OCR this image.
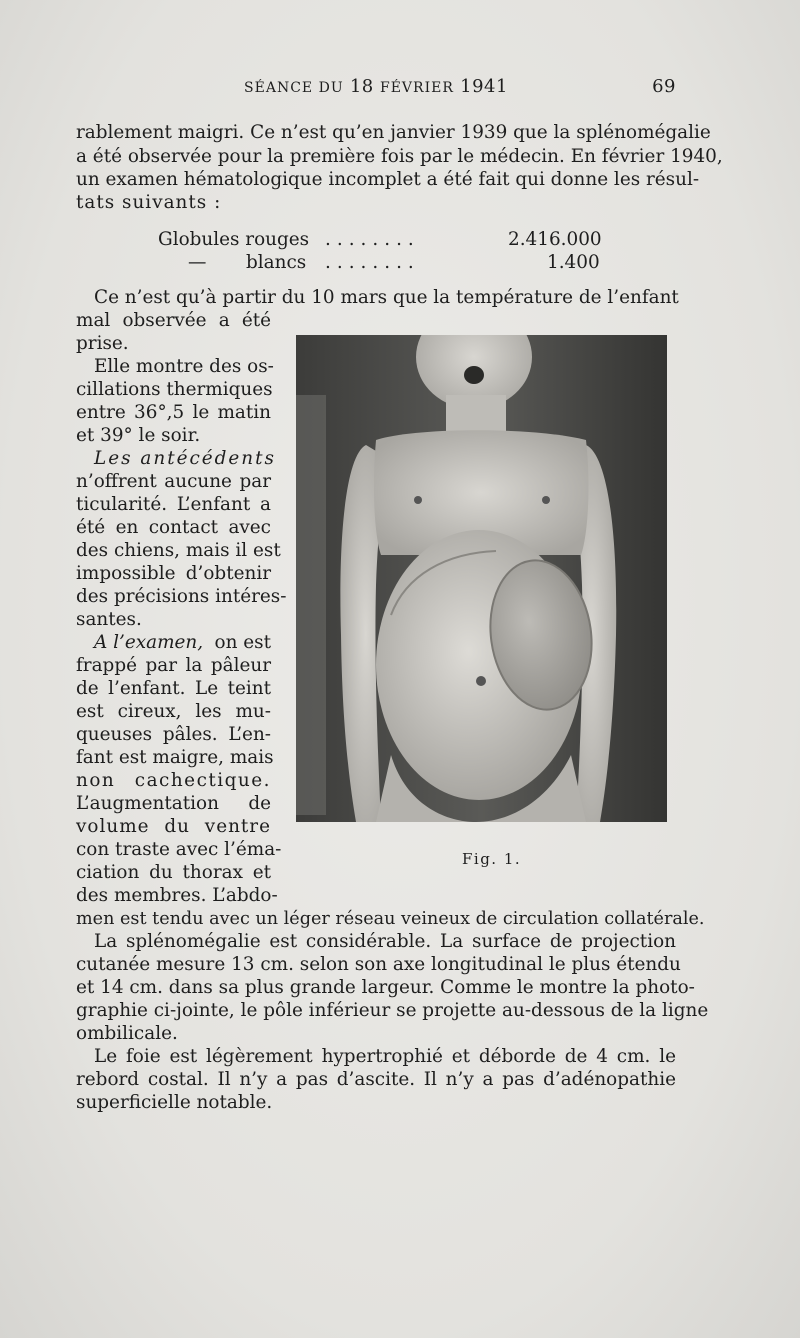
SÉANCE DU 18 FÉVRIER 1941	69
rablement maigri. Ce n’est qu’en janvier 1939 que la splénomégalie
a été observée pour la première fois par le médecin. En février 1940,
un examen hématologique incomplet a été fait qui donne les résul-
tats suivants :
Globules rouges ........	2.416.000
— blancs ........	1.400
Ce n’est qu’à partir du 10 mars que la température de l’enfant
mal observée a été
prise.
Elle montre des os-
cillations thermiques
entre 36°,5 le matin
et 39° le soir.
Les antécédents
n’offrent aucune par
ticularité. L’enfant a
été en contact avec
des chiens, mais il est
impossible d’obtenir
des précisions intéres-
santes.
A l’examen, on est
frappé par la pâleur
de l’enfant. Le teint
est cireux, les mu-
queuses pâles. L’en-
fant est maigre, mais
non cachectique.
L’augmentation de
volume du ventre
con traste avec l’éma-
ciation du thorax et
des membres. L’abdo-
men est tendu avec un léger réseau veineux de circulation collatérale.
Fig. 1.
La splénomégalie est considérable. La surface de projection
cutanée mesure 13 cm. selon son axe longitudinal le plus étendu
et 14 cm. dans sa plus grande largeur. Comme le montre la photo-
graphie ci-jointe, le pôle inférieur se projette au-dessous de la ligne
ombilicale.
Le foie est légèrement hypertrophié et déborde de 4 cm. le
rebord costal. Il n’y a pas d’ascite. Il n’y a pas d’adénopathie
superficielle notable.
